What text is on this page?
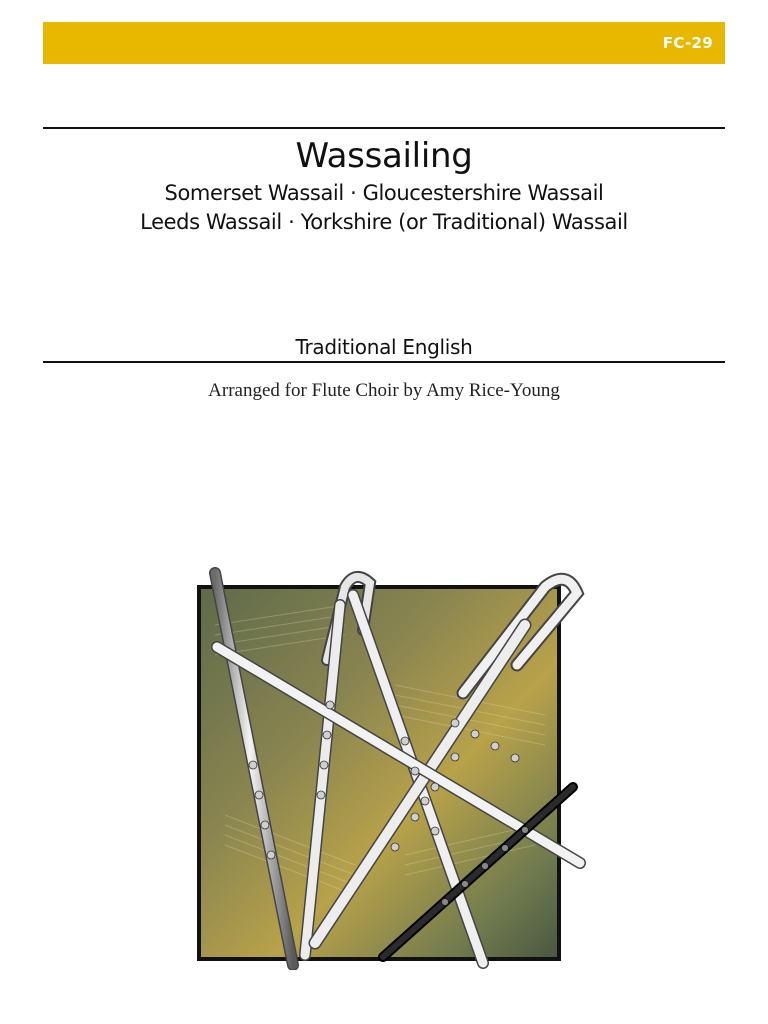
FC-29
Wassailing
Somerset Wassail · Gloucestershire Wassail
Leeds Wassail · Yorkshire (or Traditional) Wassail
Traditional English
Arranged for Flute Choir by Amy Rice-Young
